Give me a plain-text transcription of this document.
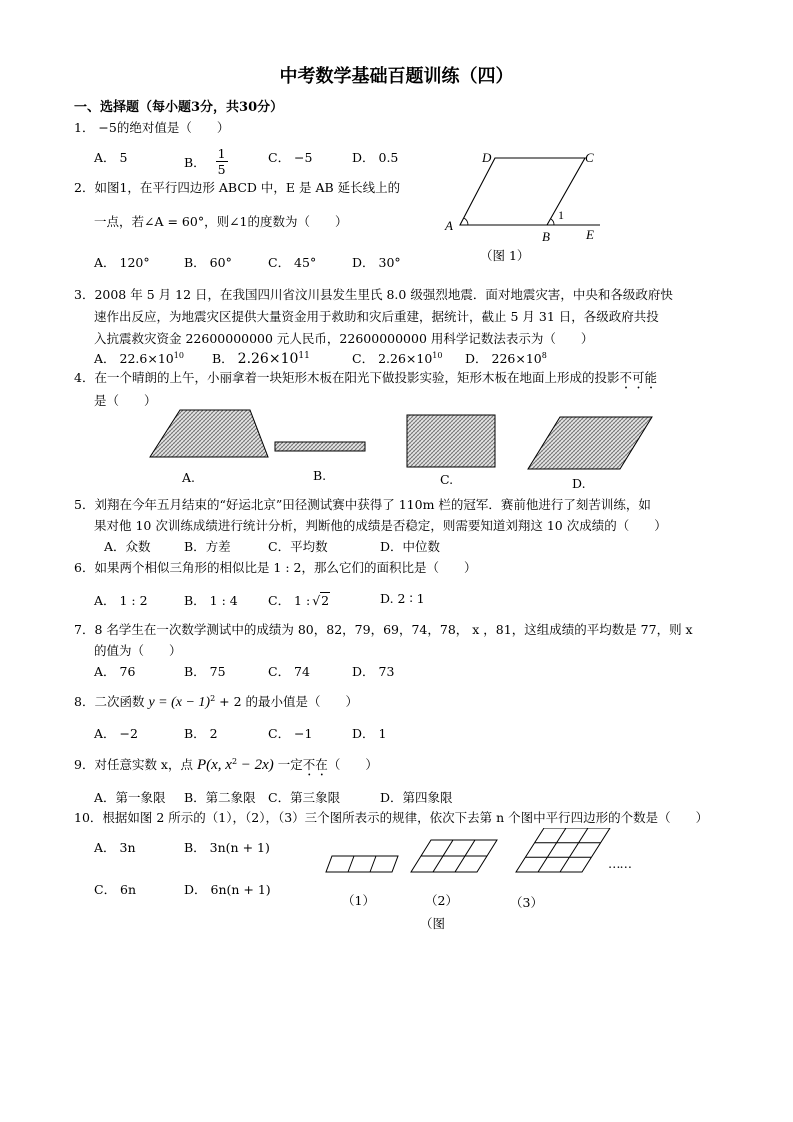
中考数学基础百题训练（四）
一、选择题（每小题3分，共30分）
1． −5的绝对值是（　　）
A． 5	B． $\frac{1}{5}$	C． −5	D． 0.5
2．如图1，在平行四边形 ABCD 中，E 是 AB 延长线上的
一点，若∠A = 60°，则∠1的度数为（　　）
A． 120°	B． 60°	C． 45°	D． 30°
A
D	C
B	E
1
（图 1）
3．2008 年 5 月 12 日，在我国四川省汶川县发生里氏 8.0 级强烈地震．面对地震灾害，中央和各级政府快
速作出反应，为地震灾区提供大量资金用于救助和灾后重建，据统计，截止 5 月 31 日，各级政府共投
入抗震救灾资金 22600000000 元人民币，22600000000 用科学记数法表示为（　　）
A． $22.6\times 10^{10}$ B． $2.26\times 10^{11}$	C． $2.26\times 10^{10}$ D． $226\times 10^8$
4．在一个晴朗的上午，小丽拿着一块矩形木板在阳光下做投影实验，矩形木板在地面上形成的投影不可能
是（　　）
A.	B.	C.	D.
5．刘翔在今年五月结束的“好运北京”田径测试赛中获得了 110m 栏的冠军．赛前他进行了刻苦训练，如
果对他 10 次训练成绩进行统计分析，判断他的成绩是否稳定，则需要知道刘翔这 10 次成绩的（　　）
A．众数	B．方差	C．平均数	D．中位数
6．如果两个相似三角形的相似比是 1 : 2，那么它们的面积比是（　　）
A． 1 : 2	B． 1 : 4 C． 1 : √2	D. 2 ∶ 1
7．8 名学生在一次数学测试中的成绩为 80，82，79，69，74，78， x ，81，这组成绩的平均数是 77，则 x
的值为（　　）
A． 76	B． 75	C． 74	D． 73
8．二次函数 $y = (x - 1)^2 + 2$ 的最小值是（　　）
A． −2	B． 2	C． −1	D． 1
9．对任意实数 x，点 P(x, $x^2 - 2x$) 一定不在（　　）
A．第一象限 B．第二象限 C．第三象限	D．第四象限
10．根据如图 2 所示的（1），（2），（3）三个图所表示的规律，依次下去第 n 个图中平行四边形的个数是（　　）
A． 3n	B． 3n(n + 1)
C． 6n	D． 6n(n + 1)
……
（1）	（2）	（3）
（图
